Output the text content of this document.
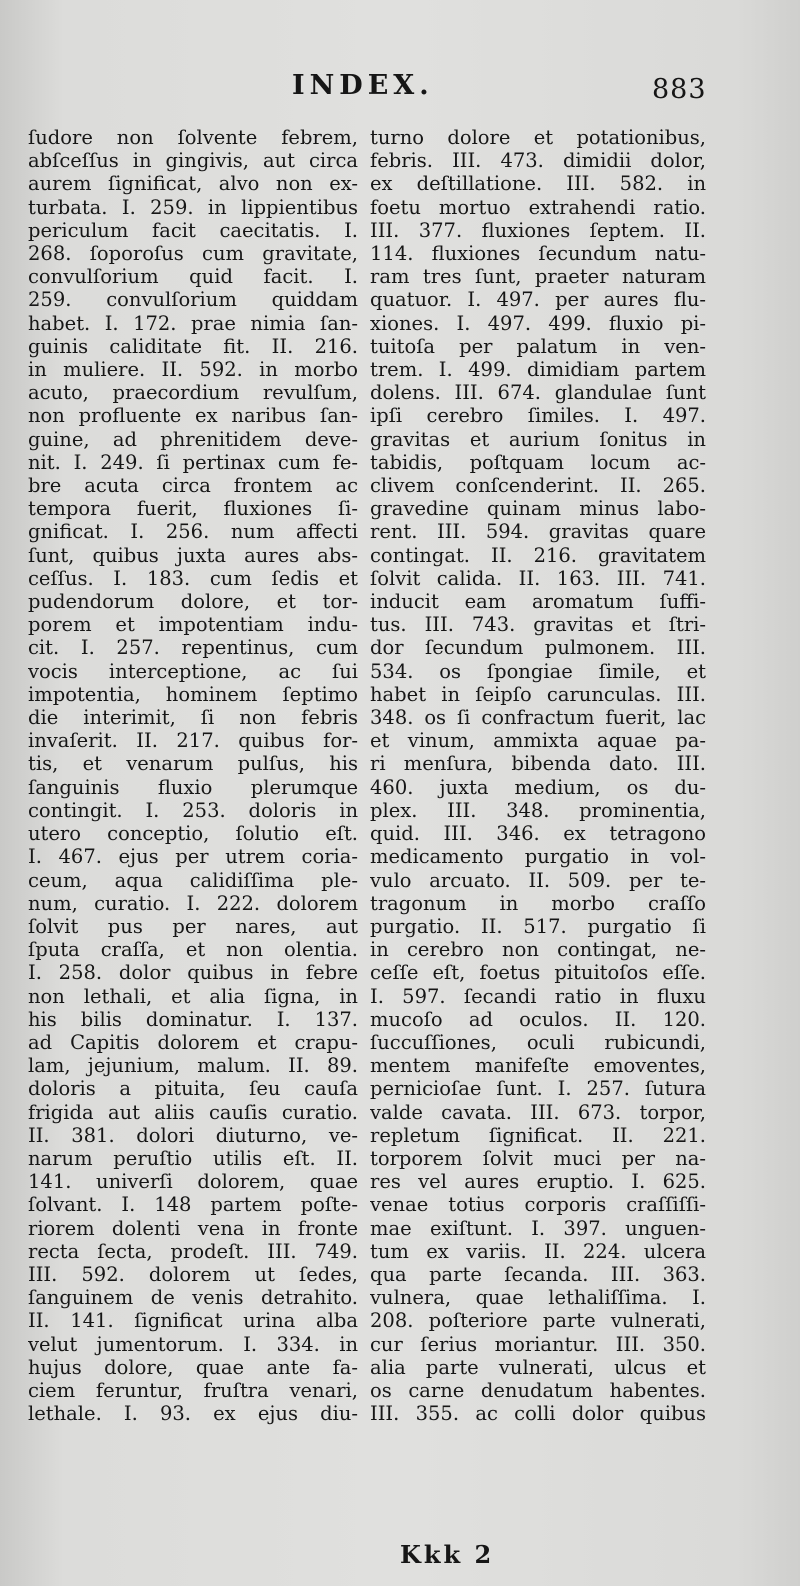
INDEX.	883
ſudore non ſolvente febrem,
abſceſſus in gingivis, aut circa
aurem ſignificat, alvo non ex-
turbata. I. 259. in lippientibus
periculum facit caecitatis. I.
268. ſoporoſus cum gravitate,
convulſorium quid facit. I.
259. convulſorium quiddam
habet. I. 172. prae nimia ſan-
guinis caliditate fit. II. 216.
in muliere. II. 592. in morbo
acuto, praecordium revulſum,
non profluente ex naribus ſan-
guine, ad phrenitidem deve-
nit. I. 249. ſi pertinax cum fe-
bre acuta circa frontem ac
tempora fuerit, fluxiones ſi-
gnificat. I. 256. num affecti
ſunt, quibus juxta aures abs-
ceſſus. I. 183. cum ſedis et
pudendorum dolore, et tor-
porem et impotentiam indu-
cit. I. 257. repentinus, cum
vocis interceptione, ac ſui
impotentia, hominem ſeptimo
die interimit, ſi non febris
invaſerit. II. 217. quibus for-
tis, et venarum pulſus, his
ſanguinis fluxio plerumque
contingit. I. 253. doloris in
utero conceptio, ſolutio eſt.
I. 467. ejus per utrem coria-
ceum, aqua calidiſſima ple-
num, curatio. I. 222. dolorem
ſolvit pus per nares, aut
ſputa craſſa, et non olentia.
I. 258. dolor quibus in febre
non lethali, et alia ſigna, in
his bilis dominatur. I. 137.
ad Capitis dolorem et crapu-
lam, jejunium, malum. II. 89.
doloris a pituita, ſeu cauſa
frigida aut aliis cauſis curatio.
II. 381. dolori diuturno, ve-
narum peruſtio utilis eſt. II.
141. univerſi dolorem, quae
ſolvant. I. 148 partem poſte-
riorem dolenti vena in fronte
recta ſecta, prodeſt. III. 749.
III. 592. dolorem ut ſedes,
ſanguinem de venis detrahito.
II. 141. ſignificat urina alba
velut jumentorum. I. 334. in
hujus dolore, quae ante fa-
ciem feruntur, fruſtra venari,
lethale. I. 93. ex ejus diu-
turno dolore et potationibus,
febris. III. 473. dimidii dolor,
ex deſtillatione. III. 582. in
foetu mortuo extrahendi ratio.
III. 377. fluxiones ſeptem. II.
114. fluxiones ſecundum natu-
ram tres ſunt, praeter naturam
quatuor. I. 497. per aures flu-
xiones. I. 497. 499. fluxio pi-
tuitoſa per palatum in ven-
trem. I. 499. dimidiam partem
dolens. III. 674. glandulae ſunt
ipſi cerebro ſimiles. I. 497.
gravitas et aurium ſonitus in
tabidis, poſtquam locum ac-
clivem conſcenderint. II. 265.
gravedine quinam minus labo-
rent. III. 594. gravitas quare
contingat. II. 216. gravitatem
ſolvit calida. II. 163. III. 741.
inducit eam aromatum ſuffi-
tus. III. 743. gravitas et ſtri-
dor ſecundum pulmonem. III.
534. os ſpongiae ſimile, et
habet in ſeipſo carunculas. III.
348. os ſi confractum fuerit, lac
et vinum, ammixta aquae pa-
ri menſura, bibenda dato. III.
460. juxta medium, os du-
plex. III. 348. prominentia,
quid. III. 346. ex tetragono
medicamento purgatio in vol-
vulo arcuato. II. 509. per te-
tragonum in morbo craſſo
purgatio. II. 517. purgatio ſi
in cerebro non contingat, ne-
ceſſe eſt, foetus pituitoſos eſſe.
I. 597. ſecandi ratio in fluxu
mucoſo ad oculos. II. 120.
ſuccuſſiones, oculi rubicundi,
mentem manifeſte emoventes,
pernicioſae ſunt. I. 257. ſutura
valde cavata. III. 673. torpor,
repletum ſignificat. II. 221.
torporem ſolvit muci per na-
res vel aures eruptio. I. 625.
venae totius corporis craſſiſſi-
mae exiſtunt. I. 397. unguen-
tum ex variis. II. 224. ulcera
qua parte ſecanda. III. 363.
vulnera, quae lethaliſſima. I.
208. poſteriore parte vulnerati,
cur ſerius moriantur. III. 350.
alia parte vulnerati, ulcus et
os carne denudatum habentes.
III. 355. ac colli dolor quibus
Kkk 2
